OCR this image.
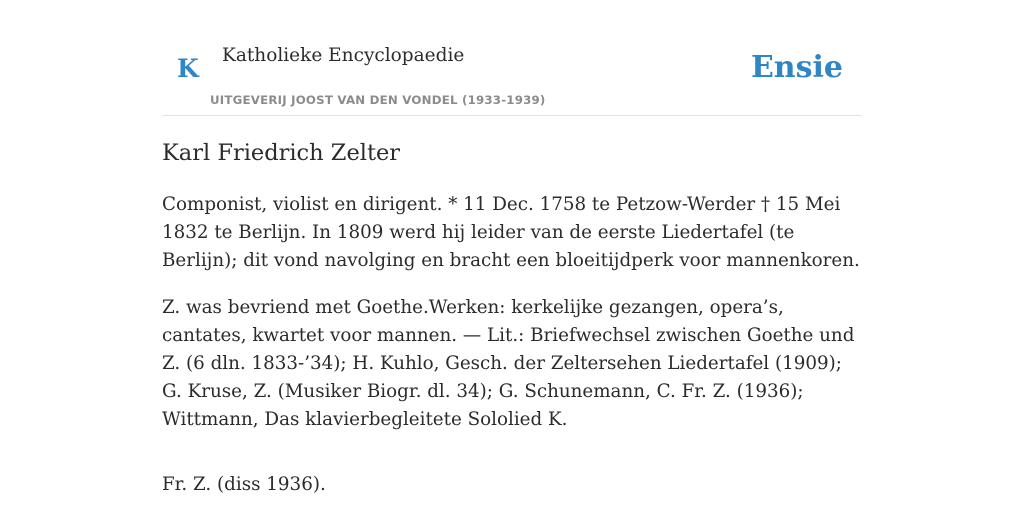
K Katholieke Encyclopaedie
UITGEVERIJ JOOST VAN DEN VONDEL (1933-1939)
Ensie
Karl Friedrich Zelter

Componist, violist en dirigent. * 11 Dec. 1758 te Petzow-Werder † 15 Mei 1832 te Berlijn. In 1809 werd hij leider van de eerste Liedertafel (te Berlijn); dit vond navolging en bracht een bloeitijdperk voor mannenkoren.

Z. was bevriend met Goethe.Werken: kerkelijke gezangen, opera’s, cantates, kwartet voor mannen. — Lit.: Briefwechsel zwischen Goethe und Z. (6 dln. 1833-’34); H. Kuhlo, Gesch. der Zeltersehen Liedertafel (1909); G. Kruse, Z. (Musiker Biogr. dl. 34); G. Schunemann, C. Fr. Z. (1936); Wittmann, Das klavierbegleitete Sololied K.

Fr. Z. (diss 1936).
